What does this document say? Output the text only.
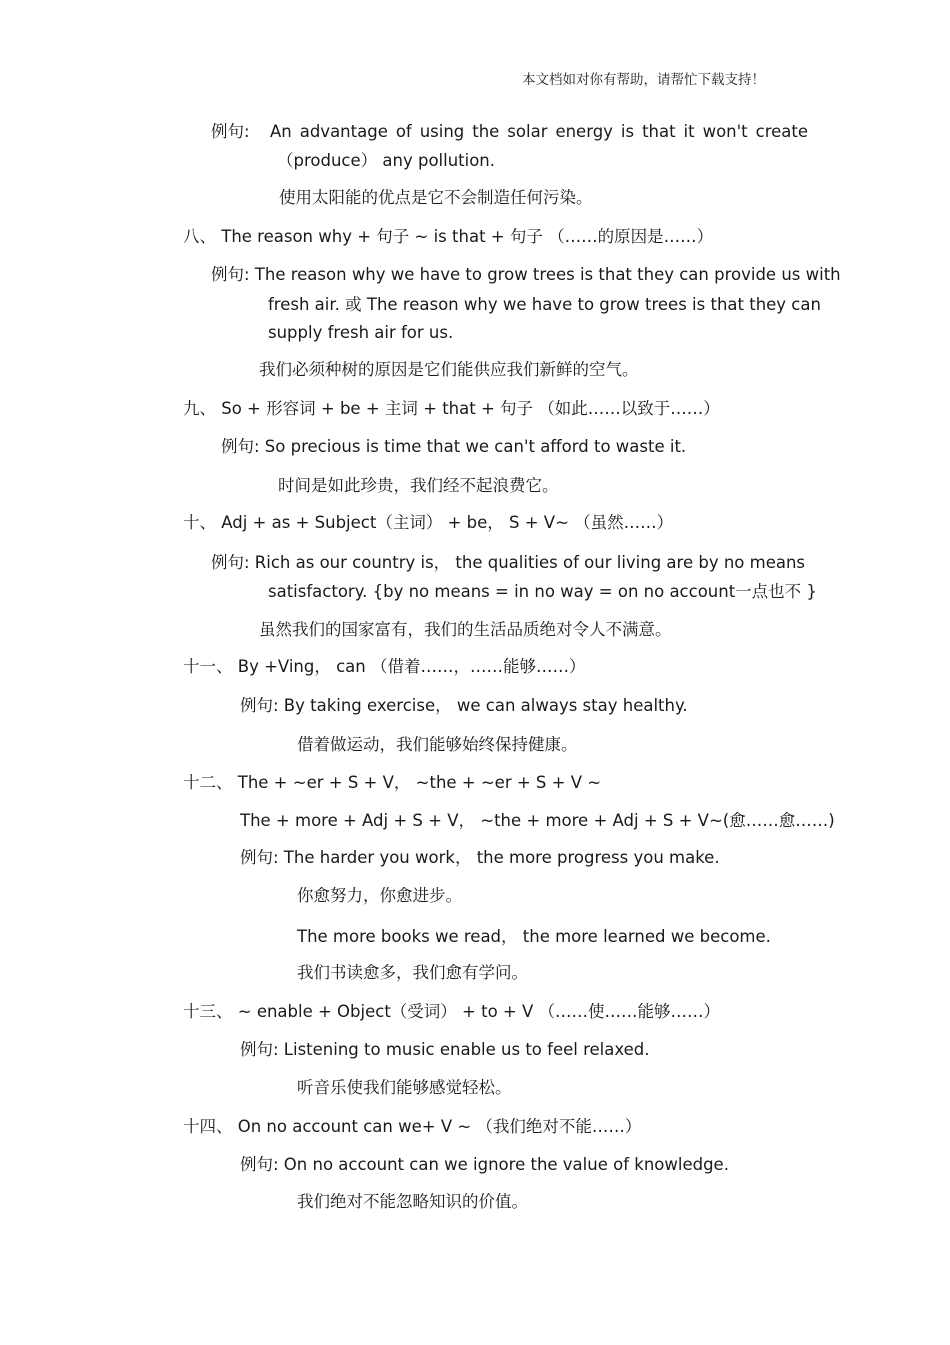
本文档如对你有帮助，请帮忙下载支持！
例句: An advantage of using the solar energy is that it won't create
（produce） any pollution.
使用太阳能的优点是它不会制造任何污染。
八、 The reason why + 句子 ~ is that + 句子 （……的原因是……）
例句: The reason why we have to grow trees is that they can provide us with
fresh air. 或 The reason why we have to grow trees is that they can
supply fresh air for us.
我们必须种树的原因是它们能供应我们新鲜的空气。
九、 So + 形容词 + be + 主词 + that + 句子 （如此……以致于……）
例句: So precious is time that we can't afford to waste it.
时间是如此珍贵，我们经不起浪费它。
十、 Adj + as + Subject（主词） + be， S + V~ （虽然……）
例句: Rich as our country is， the qualities of our living are by no means
satisfactory. {by no means = in no way = on no account一点也不 }
虽然我们的国家富有，我们的生活品质绝对令人不满意。
十一、 By +Ving， can （借着……，……能够……）
例句: By taking exercise， we can always stay healthy.
借着做运动，我们能够始终保持健康。
十二、 The + ~er + S + V， ~the + ~er + S + V ~
The + more + Adj + S + V， ~the + more + Adj + S + V~(愈……愈……)
例句: The harder you work， the more progress you make.
你愈努力，你愈进步。
The more books we read， the more learned we become.
我们书读愈多，我们愈有学问。
十三、 ~ enable + Object（受词） + to + V （……使……能够……）
例句: Listening to music enable us to feel relaxed.
听音乐使我们能够感觉轻松。
十四、 On no account can we+ V ~ （我们绝对不能……）
例句: On no account can we ignore the value of knowledge.
我们绝对不能忽略知识的价值。
